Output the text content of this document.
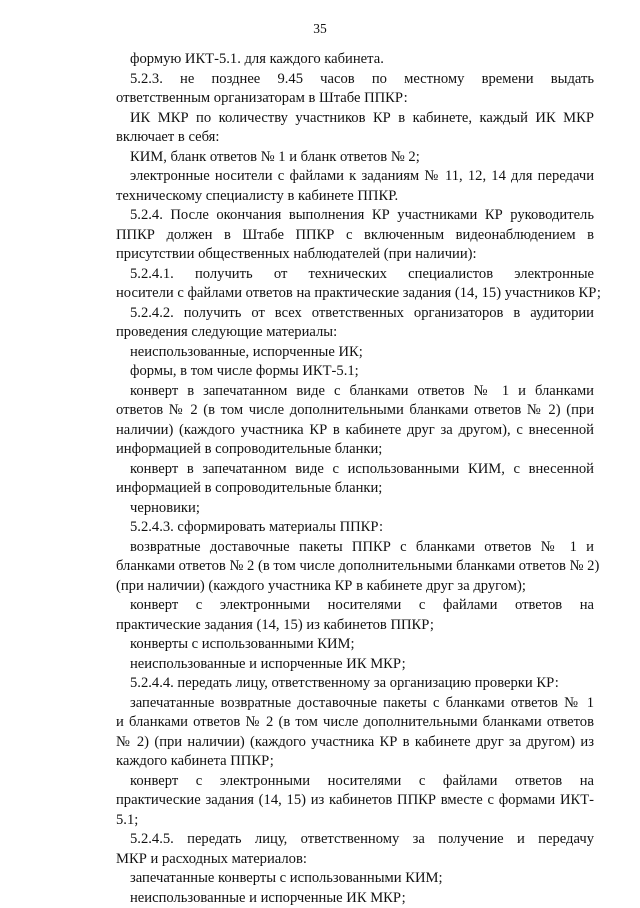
35
формую ИКТ-5.1. для каждого кабинета.
5.2.3. не позднее 9.45 часов по местному времени выдать
ответственным организаторам в Штабе ППКР:
ИК МКР по количеству участников КР в кабинете, каждый ИК МКР
включает в себя:
КИМ, бланк ответов № 1 и бланк ответов № 2;
электронные носители с файлами к заданиям № 11, 12, 14 для передачи
техническому специалисту в кабинете ППКР.
5.2.4. После окончания выполнения КР участниками КР руководитель
ППКР должен в Штабе ППКР с включенным видеонаблюдением в
присутствии общественных наблюдателей (при наличии):
5.2.4.1. получить от технических специалистов электронные
носители с файлами ответов на практические задания (14, 15) участников КР;
5.2.4.2. получить от всех ответственных организаторов в аудитории
проведения следующие материалы:
неиспользованные, испорченные ИК;
формы, в том числе формы ИКТ-5.1;
конверт в запечатанном виде с бланками ответов № 1 и бланками
ответов № 2 (в том числе дополнительными бланками ответов № 2) (при
наличии) (каждого участника КР в кабинете друг за другом), с внесенной
информацией в сопроводительные бланки;
конверт в запечатанном виде с использованными КИМ, с внесенной
информацией в сопроводительные бланки;
черновики;
5.2.4.3. сформировать материалы ППКР:
возвратные доставочные пакеты ППКР с бланками ответов № 1 и
бланками ответов № 2 (в том числе дополнительными бланками ответов № 2)
(при наличии) (каждого участника КР в кабинете друг за другом);
конверт с электронными носителями с файлами ответов на
практические задания (14, 15) из кабинетов ППКР;
конверты с использованными КИМ;
неиспользованные и испорченные ИК МКР;
5.2.4.4. передать лицу, ответственному за организацию проверки КР:
запечатанные возвратные доставочные пакеты с бланками ответов № 1
и бланками ответов № 2 (в том числе дополнительными бланками ответов
№ 2) (при наличии) (каждого участника КР в кабинете друг за другом) из
каждого кабинета ППКР;
конверт с электронными носителями с файлами ответов на
практические задания (14, 15) из кабинетов ППКР вместе с формами ИКТ-
5.1;
5.2.4.5. передать лицу, ответственному за получение и передачу
МКР и расходных материалов:
запечатанные конверты с использованными КИМ;
неиспользованные и испорченные ИК МКР;
